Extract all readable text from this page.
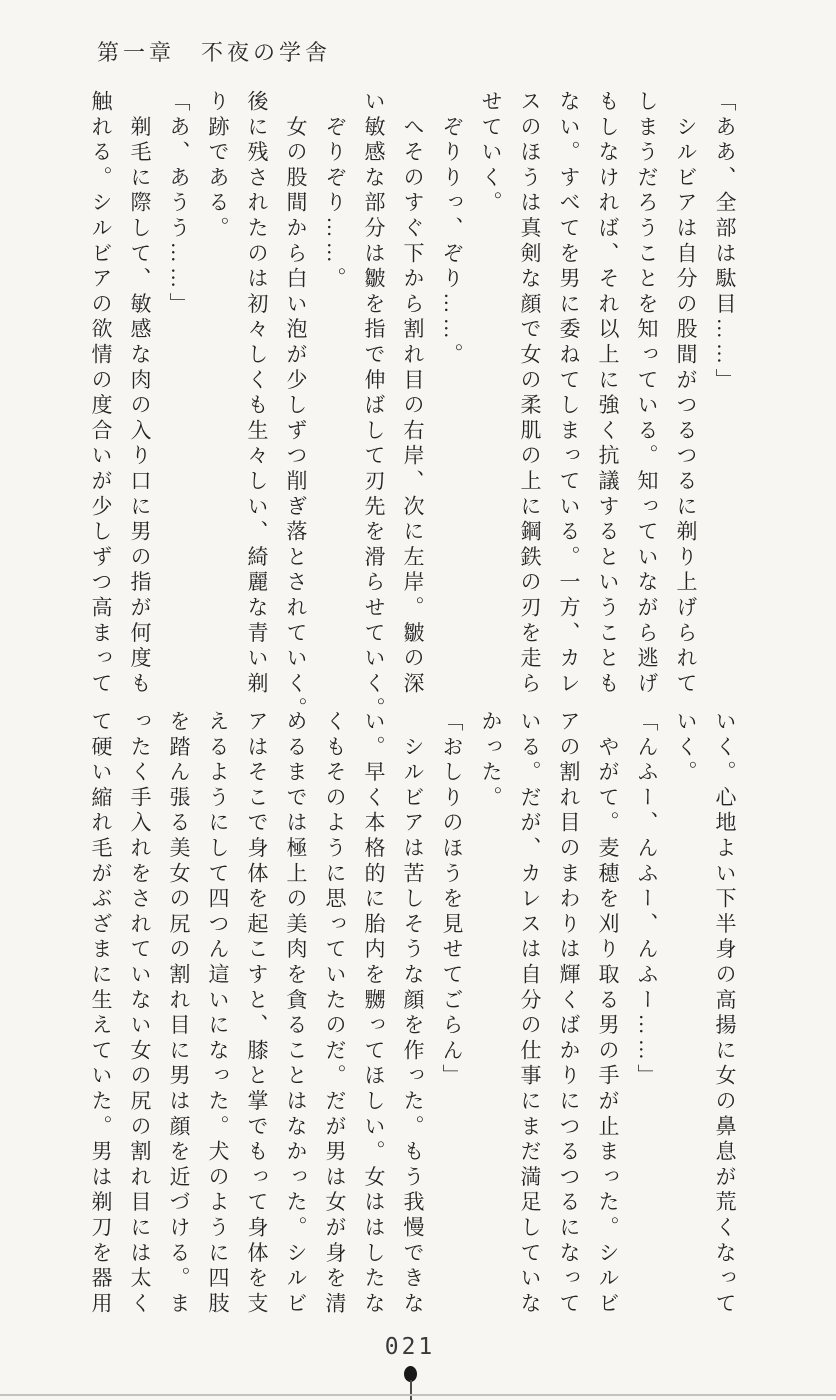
第一章　不夜の学舎
「ああ、全部は駄目……」
　シルビアは自分の股間がつるつるに剃り上げられて
しまうだろうことを知っている。知っていながら逃げ
もしなければ、それ以上に強く抗議するということも
ない。すべてを男に委ねてしまっている。一方、カレ
スのほうは真剣な顔で女の柔肌の上に鋼鉄の刃を走ら
せていく。
　ぞりりっ、ぞり……。
　へそのすぐ下から割れ目の右岸、次に左岸。皺の深
い敏感な部分は皺を指で伸ばして刃先を滑らせていく。
　ぞりぞり……。
　女の股間から白い泡が少しずつ削ぎ落とされていく。
後に残されたのは初々しくも生々しい、綺麗な青い剃
り跡である。
「あ、あうう……」
　剃毛に際して、敏感な肉の入り口に男の指が何度も
触れる。シルビアの欲情の度合いが少しずつ高まって
いく。心地よい下半身の高揚に女の鼻息が荒くなって
いく。
「んふー、んふー、んふー……」
　やがて。麦穂を刈り取る男の手が止まった。シルビ
アの割れ目のまわりは輝くばかりにつるつるになって
いる。だが、カレスは自分の仕事にまだ満足していな
かった。
「おしりのほうを見せてごらん」
　シルビアは苦しそうな顔を作った。もう我慢できな
い。早く本格的に胎内を嬲ってほしい。女ははしたな
くもそのように思っていたのだ。だが男は女が身を清
めるまでは極上の美肉を貪ることはなかった。シルビ
アはそこで身体を起こすと、膝と掌でもって身体を支
えるようにして四つん這いになった。犬のように四肢
を踏ん張る美女の尻の割れ目に男は顔を近づける。ま
ったく手入れをされていない女の尻の割れ目には太く
て硬い縮れ毛がぶざまに生えていた。男は剃刀を器用
021
